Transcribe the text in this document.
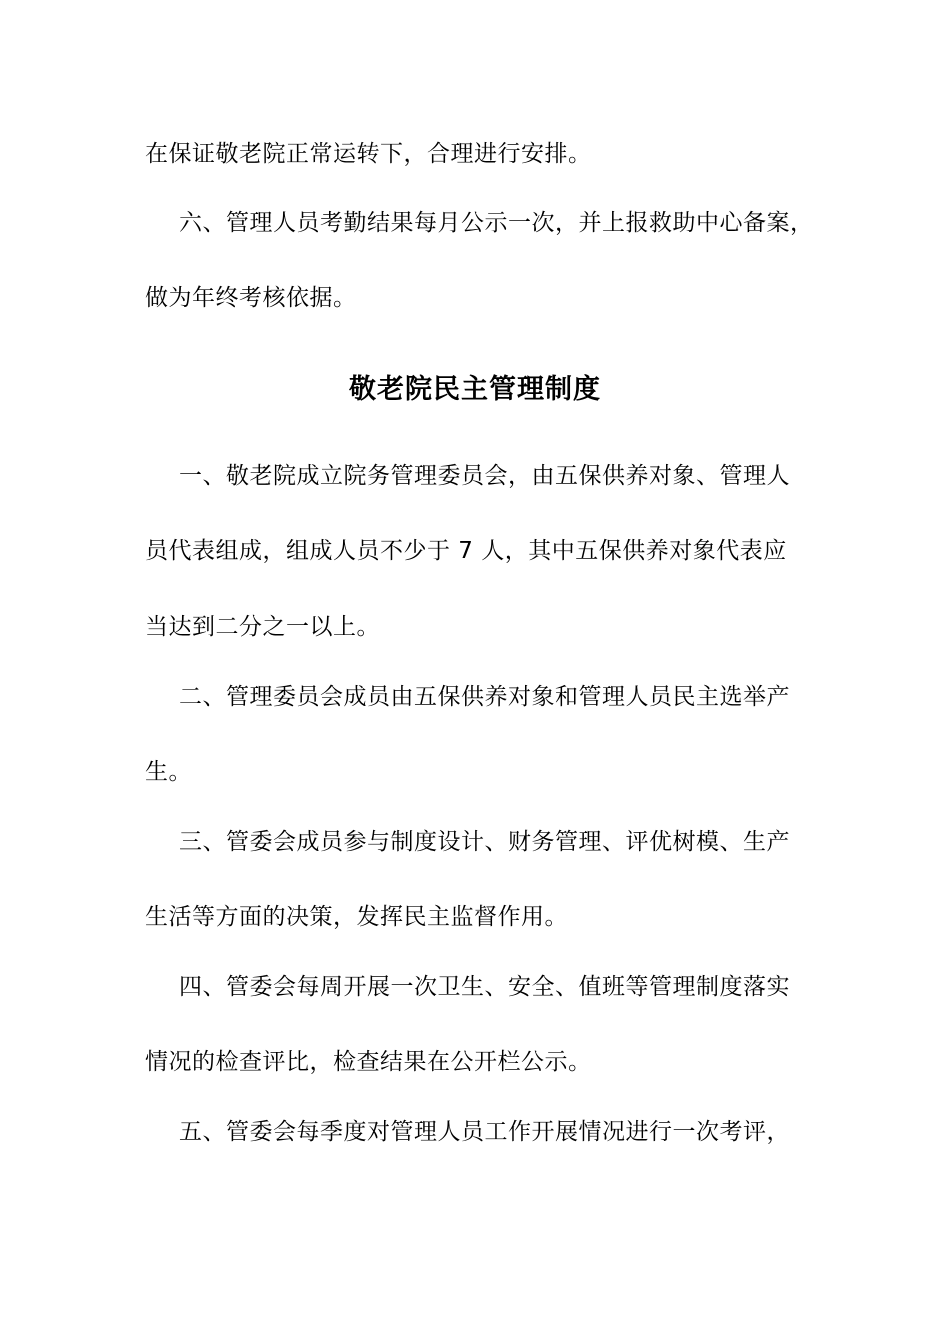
在保证敬老院正常运转下，合理进行安排。
六、管理人员考勤结果每月公示一次，并上报救助中心备案，
做为年终考核依据。
敬老院民主管理制度
一、敬老院成立院务管理委员会，由五保供养对象、管理人
员代表组成，组成人员不少于 7 人，其中五保供养对象代表应
当达到二分之一以上。
二、管理委员会成员由五保供养对象和管理人员民主选举产
生。
三、管委会成员参与制度设计、财务管理、评优树模、生产
生活等方面的决策，发挥民主监督作用。
四、管委会每周开展一次卫生、安全、值班等管理制度落实
情况的检查评比，检查结果在公开栏公示。
五、管委会每季度对管理人员工作开展情况进行一次考评，
